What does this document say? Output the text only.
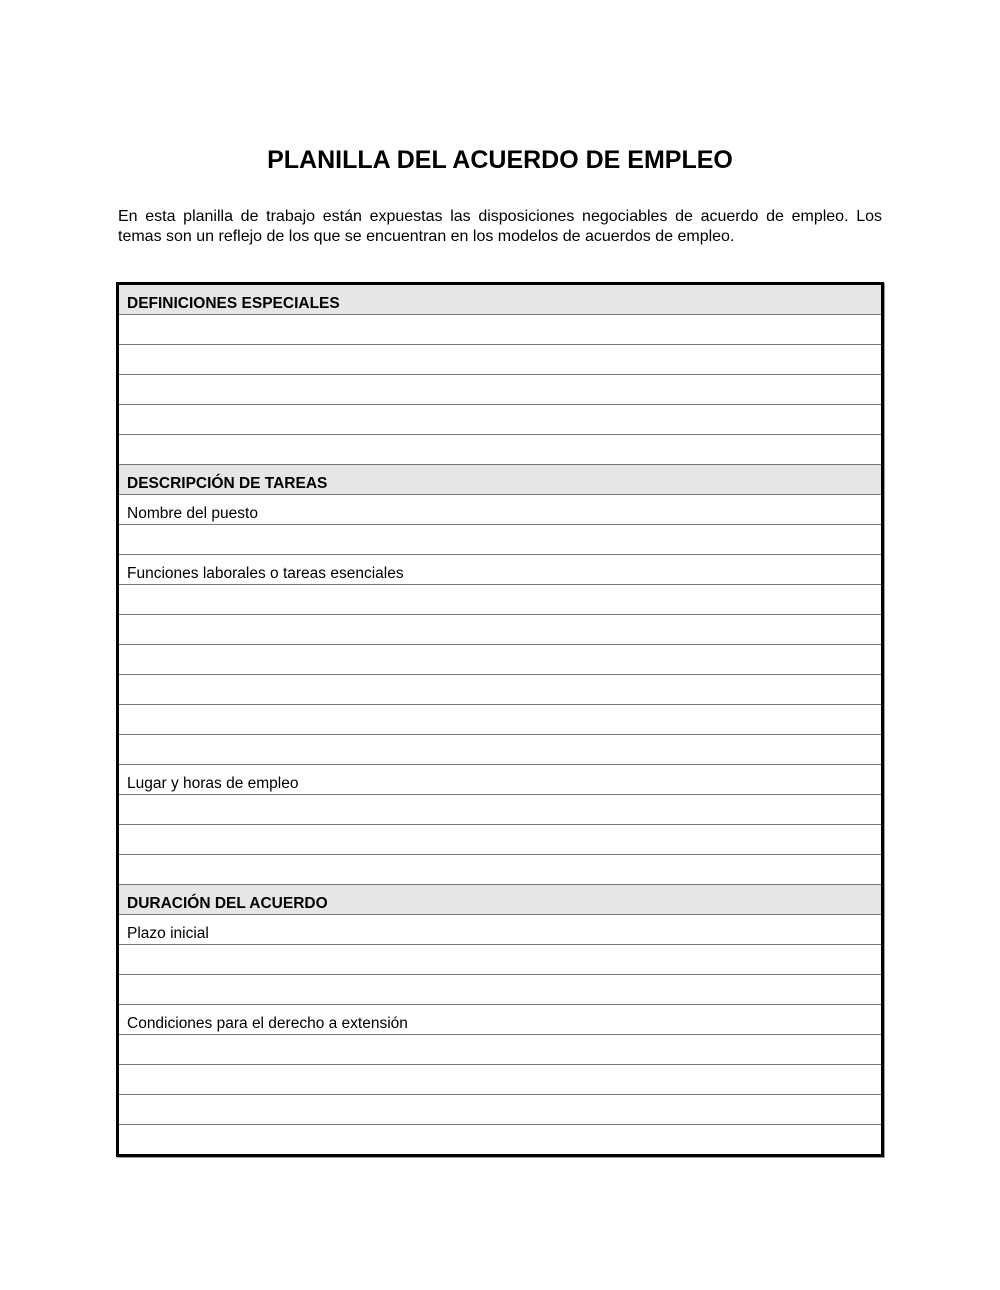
PLANILLA DEL ACUERDO DE EMPLEO
En esta planilla de trabajo están expuestas las disposiciones negociables de acuerdo de empleo. Los temas son un reflejo de los que se encuentran en los modelos de acuerdos de empleo.
DEFINICIONES ESPECIALES
DESCRIPCIÓN DE TAREAS
Nombre del puesto
Funciones laborales o tareas esenciales
Lugar y horas de empleo
DURACIÓN DEL ACUERDO
Plazo inicial
Condiciones para el derecho a extensión
